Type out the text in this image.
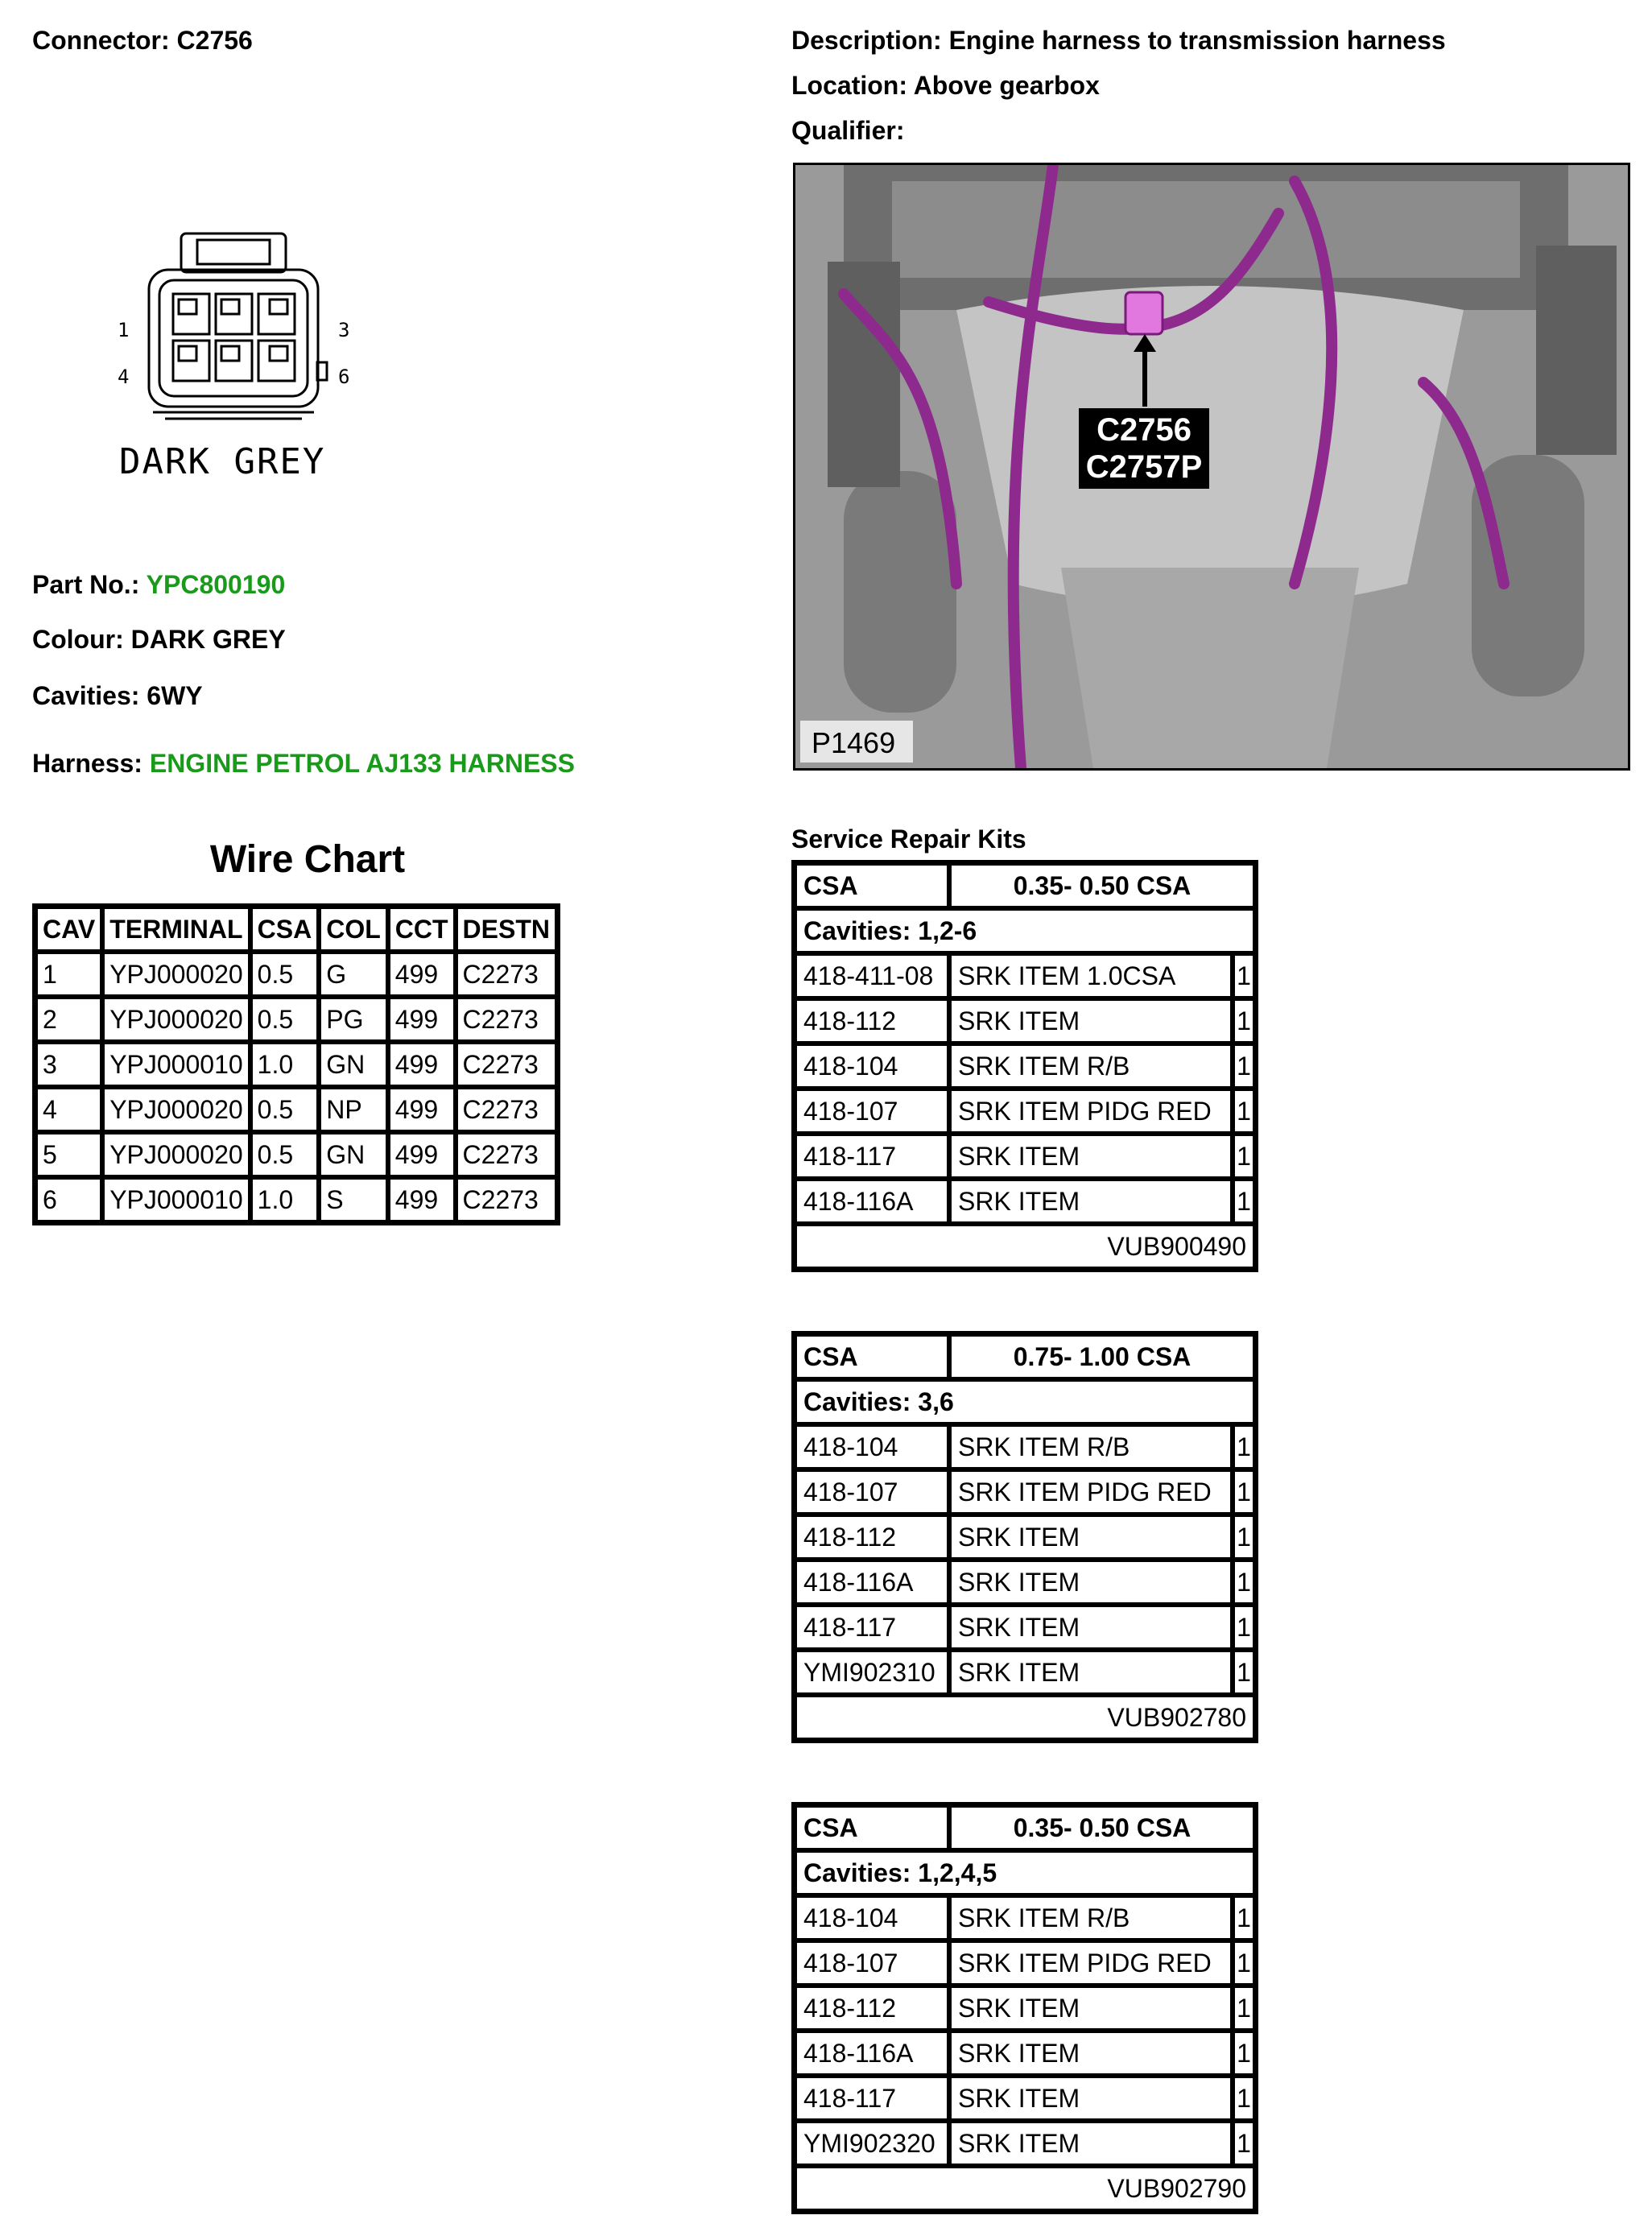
Connector: C2756	Description: Engine harness to transmission harness
Location: Above gearbox
Qualifier:
1	3
4	6
DARK GREY
C2756
C2757P
P1469
Part No.: YPC800190
Colour: DARK GREY
Cavities: 6WY
Harness: ENGINE PETROL AJ133 HARNESS
Wire Chart
CAV	TERMINAL	CSA	COL	CCT	DESTN
1	YPJ000020	0.5	G	499	C2273
2	YPJ000020	0.5	PG	499	C2273
3	YPJ000010	1.0	GN	499	C2273
4	YPJ000020	0.5	NP	499	C2273
5	YPJ000020	0.5	GN	499	C2273
6	YPJ000010	1.0	S	499	C2273
Service Repair Kits
CSA	0.35- 0.50 CSA	
Cavities: 1,2-6		
418-411-08	SRK ITEM 1.0CSA	1
418-112	SRK ITEM	1
418-104	SRK ITEM R/B	1
418-107	SRK ITEM PIDG RED	1
418-117	SRK ITEM	1
418-116A	SRK ITEM	1
VUB900490		
CSA	0.75- 1.00 CSA	
Cavities: 3,6		
418-104	SRK ITEM R/B	1
418-107	SRK ITEM PIDG RED	1
418-112	SRK ITEM	1
418-116A	SRK ITEM	1
418-117	SRK ITEM	1
YMI902310	SRK ITEM	1
VUB902780		
CSA	0.35- 0.50 CSA	
Cavities: 1,2,4,5		
418-104	SRK ITEM R/B	1
418-107	SRK ITEM PIDG RED	1
418-112	SRK ITEM	1
418-116A	SRK ITEM	1
418-117	SRK ITEM	1
YMI902320	SRK ITEM	1
VUB902790		
